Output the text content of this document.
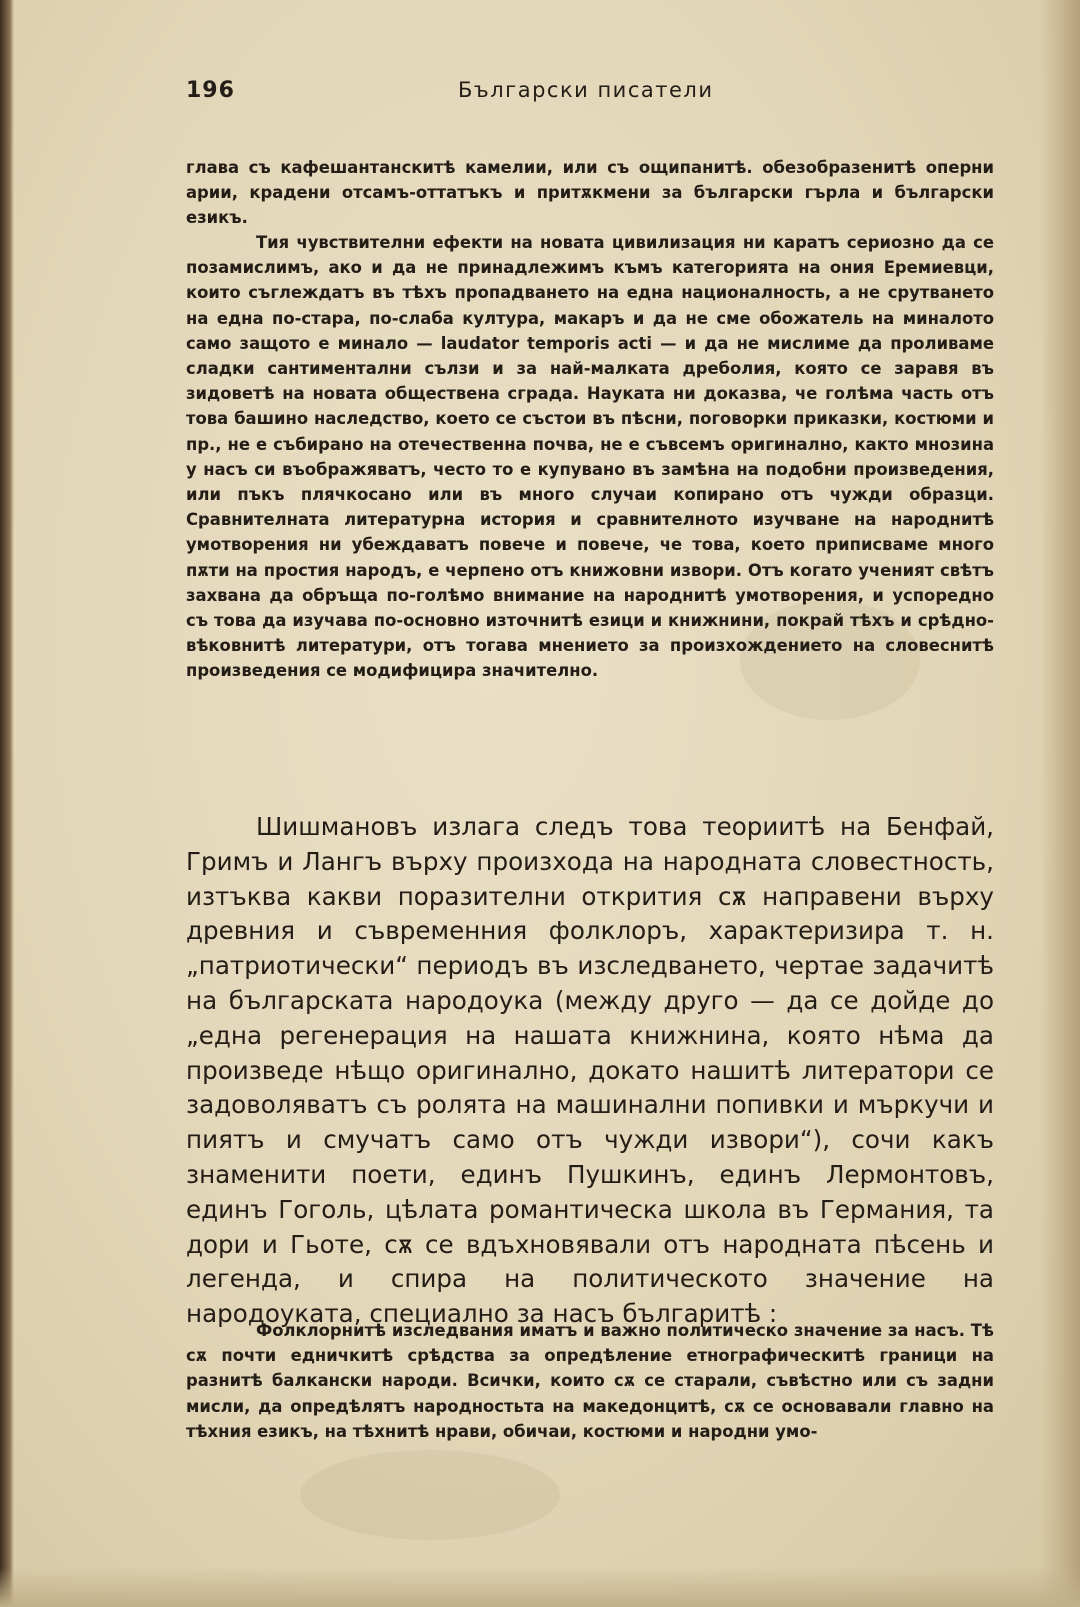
196	Български писатели

глава съ кафешантанскитѣ камелии, или съ ощипанитѣ. обезобразенитѣ оперни арии, крадени отсамъ-оттатъкъ и притѫкмени за български гърла и български езикъ.

Тия чувствителни ефекти на новата цивилизация ни каратъ сериозно да се позамислимъ, ако и да не принадлежимъ къмъ категорията на ония Еремиевци, които съглеждатъ въ тѣхъ пропадването на една националность, а не срутването на една по-стара, по-слаба култура, макаръ и да не сме обожатель на миналото само защото е минало — laudator temporis acti — и да не мислиме да проливаме сладки сантиментални сълзи и за най-малката дреболия, която се заравя въ зидоветѣ на новата обществена сграда. Науката ни доказва, че голѣма часть отъ това башино наследство, което се състои въ пѣсни, поговорки приказки, костюми и пр., не е събирано на отечественна почва, не е съвсемъ оригинално, както мнозина у насъ си въображяватъ, често то е купувано въ замѣна на подобни произведения, или пъкъ плячкосано или въ много случаи копирано отъ чужди образци. Сравнителната литературна история и сравнителното изучване на народнитѣ умотворения ни убеждаватъ повече и повече, че това, което приписваме много пѫти на простия народъ, е черпено отъ книжовни извори. Отъ когато ученият свѣтъ захвана да обръща по-голѣмо внимание на народнитѣ умотворения, и успоредно съ това да изучава по-основно източнитѣ езици и книжнини, покрай тѣхъ и срѣдно-вѣковнитѣ литератури, отъ тогава мнението за произхождението на словеснитѣ произведения се модифицира значително.

Шишмановъ излага следъ това теориитѣ на Бенфай, Гримъ и Лангъ върху произхода на народната словестность, изтъква какви поразителни открития сѫ направени върху древния и съвременния фолклоръ, характеризира т. н. „патриотически“ периодъ въ изследването, чертае задачитѣ на българската народоука (между друго — да се дойде до „една регенерация на нашата книжнина, която нѣма да произведе нѣщо оригинално, докато нашитѣ литератори се задоволяватъ съ ролята на машинални попивки и мъркучи и пиятъ и смучатъ само отъ чужди извори“), сочи какъ знаменити поети, единъ Пушкинъ, единъ Лермонтовъ, единъ Гоголь, цѣлата романтическа школа въ Германия, та дори и Гьоте, сѫ се вдъхновявали отъ народната пѣсень и легенда, и спира на политическото значение на народоуката, специално за насъ българитѣ :

Фолклорнитѣ изследвания иматъ и важно политическо значение за насъ. Тѣ сѫ почти едничкитѣ срѣдства за опредѣление етнографическитѣ граници на разнитѣ балкански народи. Всички, които сѫ се старали, съвѣстно или съ задни мисли, да опредѣлятъ народностьта на македонцитѣ, сѫ се основавали главно на тѣхния езикъ, на тѣхнитѣ нрави, обичаи, костюми и народни умо-
